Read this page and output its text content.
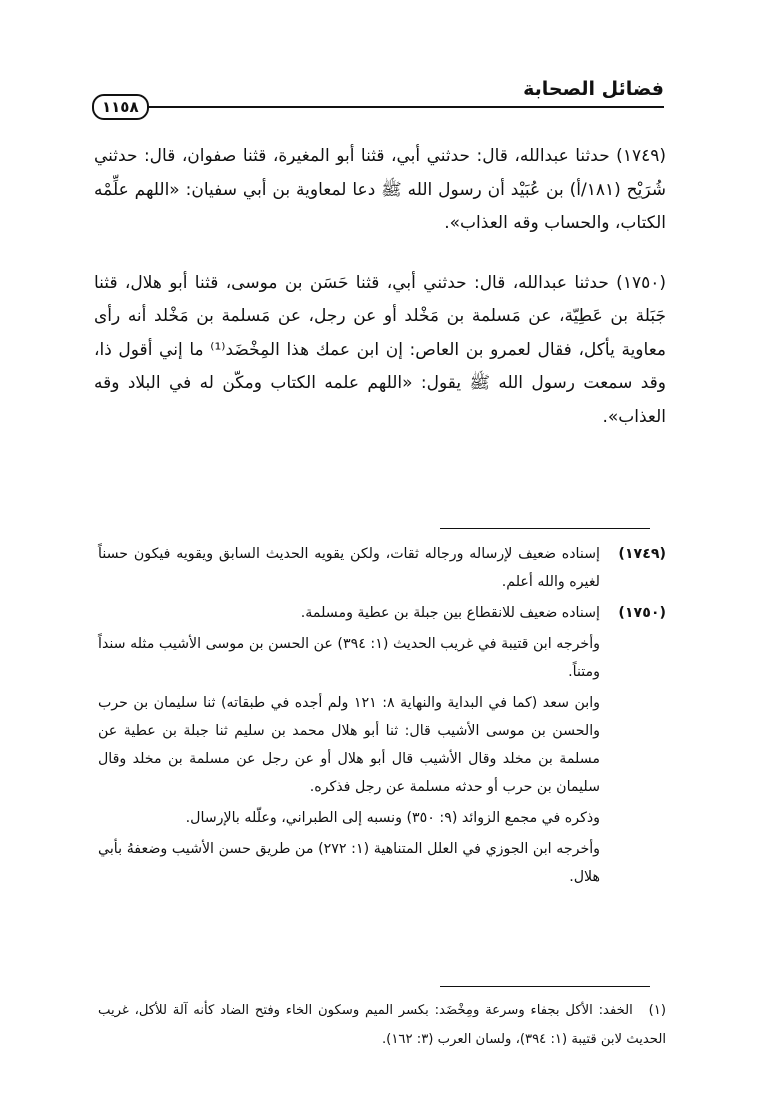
فضائل الصحابة
١١٥٨

(١٧٤٩) حدثنا عبدالله، قال: حدثني أبي، قثنا أبو المغيرة، قثنا صفوان، قال: حدثني شُرَيْح (١٨١/أ) بن عُبَيْد أن رسول الله ﷺ دعا لمعاوية بن أبي سفيان: «اللهم علِّمْه الكتاب، والحساب وقه العذاب».

(١٧٥٠) حدثنا عبدالله، قال: حدثني أبي، قثنا حَسَن بن موسى، قثنا أبو هلال، قثنا جَبَلة بن عَطِيّة، عن مَسلمة بن مَخْلد أو عن رجل، عن مَسلمة بن مَخْلد أنه رأى معاوية يأكل، فقال لعمرو بن العاص: إن ابن عمك هذا المِخْضَد⁽¹⁾ ما إني أقول ذا، وقد سمعت رسول الله ﷺ يقول: «اللهم علمه الكتاب ومكّن له في البلاد وقه العذاب».

(١٧٤٩)
إسناده ضعيف لإرساله ورجاله ثقات، ولكن يقويه الحديث السابق ويقويه فيكون حسناً لغيره والله أعلم.
(١٧٥٠)
إسناده ضعيف للانقطاع بين جبلة بن عطية ومسلمة.
وأخرجه ابن قتيبة في غريب الحديث (١: ٣٩٤) عن الحسن بن موسى الأشيب مثله سنداً ومتناً.
وابن سعد (كما في البداية والنهاية ٨: ١٢١ ولم أجده في طبقاته) ثنا سليمان بن حرب والحسن بن موسى الأشيب قال: ثنا أبو هلال محمد بن سليم ثنا جبلة بن عطية عن مسلمة بن مخلد وقال الأشيب قال أبو هلال أو عن رجل عن مسلمة بن مخلد وقال سليمان بن حرب أو حدثه مسلمة عن رجل فذكره.
وذكره في مجمع الزوائد (٩: ٣٥٠) ونسبه إلى الطبراني، وعلّله بالإرسال.
وأخرجه ابن الجوزي في العلل المتناهية (١: ٢٧٢) من طريق حسن الأشيب وضعفهُ بأبي هلال.
(١) الخفد: الأكل بجفاء وسرعة ومِخْضَد: بكسر الميم وسكون الخاء وفتح الضاد كأنه آلة للأكل، غريب الحديث لابن قتيبة (١: ٣٩٤)، ولسان العرب (٣: ١٦٢).
